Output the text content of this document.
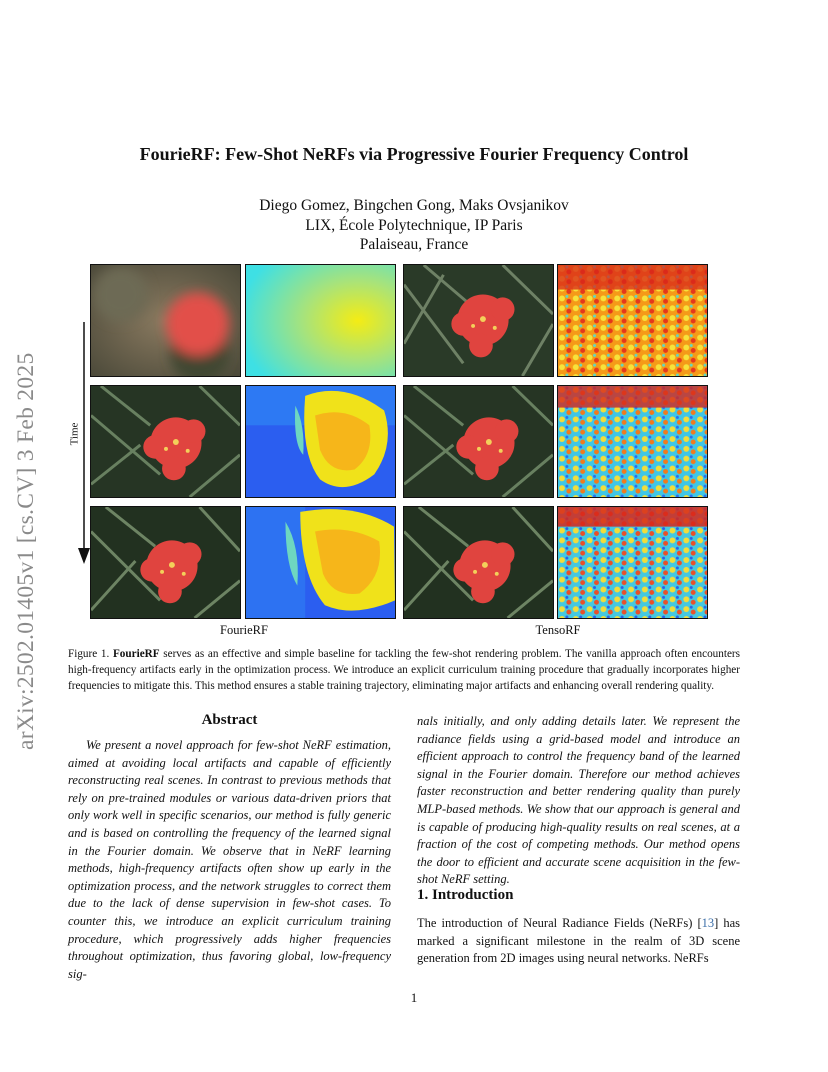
arXiv:2502.01405v1 [cs.CV] 3 Feb 2025
FourieRF: Few-Shot NeRFs via Progressive Fourier Frequency Control
Diego Gomez, Bingchen Gong, Maks Ovsjanikov
LIX, École Polytechnique, IP Paris
Palaiseau, France
Time
FourieRF	TensoRF
Figure 1. FourieRF serves as an effective and simple baseline for tackling the few-shot rendering problem. The vanilla approach often encounters high-frequency artifacts early in the optimization process. We introduce an explicit curriculum training procedure that gradually incorporates higher frequencies to mitigate this. This method ensures a stable training trajectory, eliminating major artifacts and enhancing overall rendering quality.
Abstract
We present a novel approach for few-shot NeRF estimation, aimed at avoiding local artifacts and capable of efficiently reconstructing real scenes. In contrast to previous methods that rely on pre-trained modules or various data-driven priors that only work well in specific scenarios, our method is fully generic and is based on controlling the frequency of the learned signal in the Fourier domain. We observe that in NeRF learning methods, high-frequency artifacts often show up early in the optimization process, and the network struggles to correct them due to the lack of dense supervision in few-shot cases. To counter this, we introduce an explicit curriculum training procedure, which progressively adds higher frequencies throughout optimization, thus favoring global, low-frequency sig-
nals initially, and only adding details later. We represent the radiance fields using a grid-based model and introduce an efficient approach to control the frequency band of the learned signal in the Fourier domain. Therefore our method achieves faster reconstruction and better rendering quality than purely MLP-based methods. We show that our approach is general and is capable of producing high-quality results on real scenes, at a fraction of the cost of competing methods. Our method opens the door to efficient and accurate scene acquisition in the few-shot NeRF setting.
1. Introduction
The introduction of Neural Radiance Fields (NeRFs) [13] has marked a significant milestone in the realm of 3D scene generation from 2D images using neural networks. NeRFs
1
